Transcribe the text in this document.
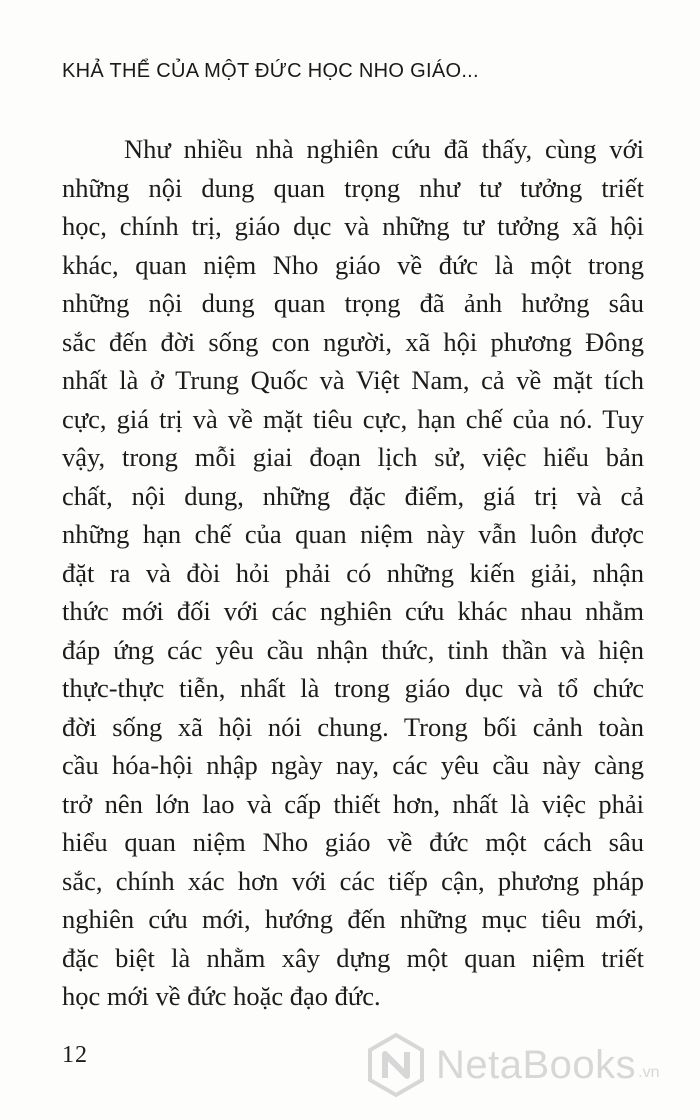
KHẢ THỂ CỦA MỘT ĐỨC HỌC NHO GIÁO...
Như nhiều nhà nghiên cứu đã thấy, cùng với
những nội dung quan trọng như tư tưởng triết
học, chính trị, giáo dục và những tư tưởng xã hội
khác, quan niệm Nho giáo về đức là một trong
những nội dung quan trọng đã ảnh hưởng sâu
sắc đến đời sống con người, xã hội phương Đông
nhất là ở Trung Quốc và Việt Nam, cả về mặt tích
cực, giá trị và về mặt tiêu cực, hạn chế của nó. Tuy
vậy, trong mỗi giai đoạn lịch sử, việc hiểu bản
chất, nội dung, những đặc điểm, giá trị và cả
những hạn chế của quan niệm này vẫn luôn được
đặt ra và đòi hỏi phải có những kiến giải, nhận
thức mới đối với các nghiên cứu khác nhau nhằm
đáp ứng các yêu cầu nhận thức, tinh thần và hiện
thực-thực tiễn, nhất là trong giáo dục và tổ chức
đời sống xã hội nói chung. Trong bối cảnh toàn
cầu hóa-hội nhập ngày nay, các yêu cầu này càng
trở nên lớn lao và cấp thiết hơn, nhất là việc phải
hiểu quan niệm Nho giáo về đức một cách sâu
sắc, chính xác hơn với các tiếp cận, phương pháp
nghiên cứu mới, hướng đến những mục tiêu mới,
đặc biệt là nhằm xây dựng một quan niệm triết
học mới về đức hoặc đạo đức.
12	NetaBooks .vn
